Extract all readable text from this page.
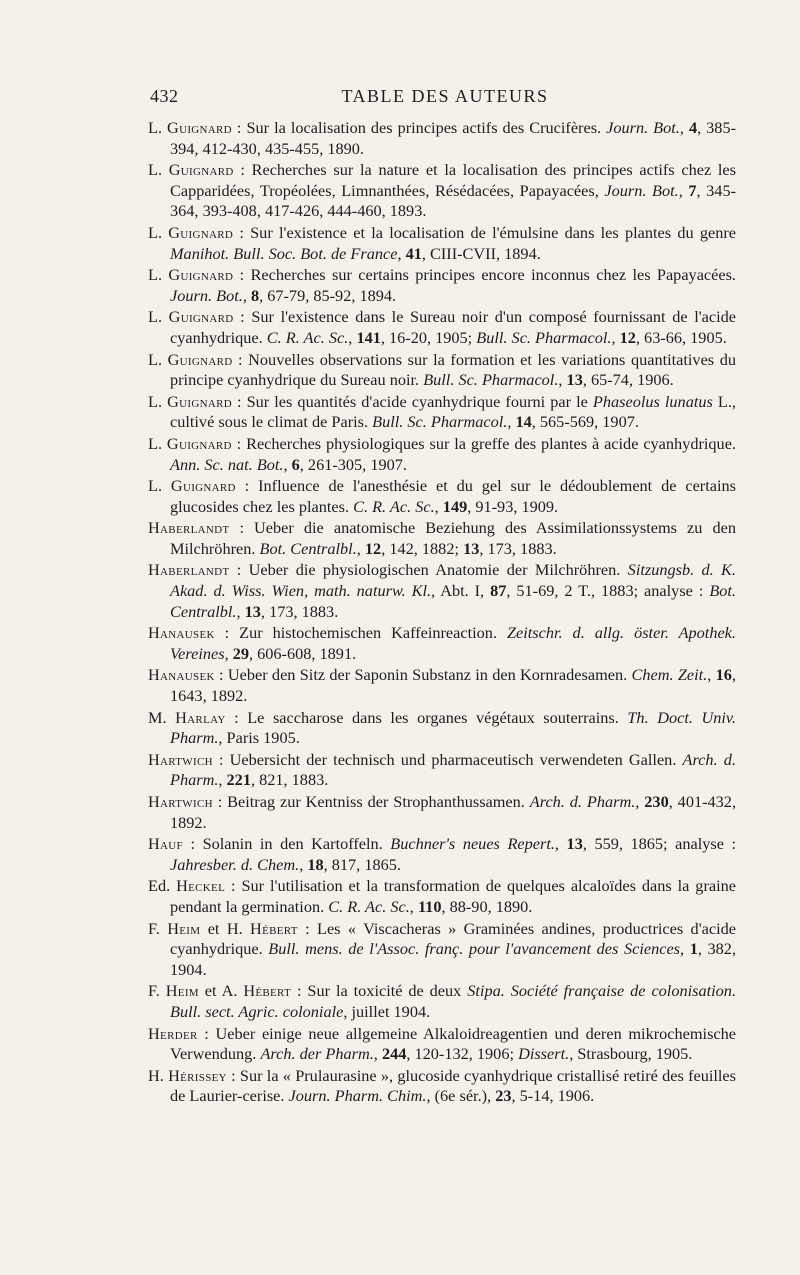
432	TABLE DES AUTEURS
L. Guignard : Sur la localisation des principes actifs des Crucifères. Journ. Bot., 4, 385-394, 412-430, 435-455, 1890.
L. Guignard : Recherches sur la nature et la localisation des principes actifs chez les Capparidées, Tropéolées, Limnanthées, Résédacées, Papayacées, Journ. Bot., 7, 345-364, 393-408, 417-426, 444-460, 1893.
L. Guignard : Sur l'existence et la localisation de l'émulsine dans les plantes du genre Manihot. Bull. Soc. Bot. de France, 41, CIII-CVII, 1894.
L. Guignard : Recherches sur certains principes encore inconnus chez les Papayacées. Journ. Bot., 8, 67-79, 85-92, 1894.
L. Guignard : Sur l'existence dans le Sureau noir d'un composé fournissant de l'acide cyanhydrique. C. R. Ac. Sc., 141, 16-20, 1905; Bull. Sc. Pharmacol., 12, 63-66, 1905.
L. Guignard : Nouvelles observations sur la formation et les variations quantitatives du principe cyanhydrique du Sureau noir. Bull. Sc. Pharmacol., 13, 65-74, 1906.
L. Guignard : Sur les quantités d'acide cyanhydrique fourni par le Phaseolus lunatus L., cultivé sous le climat de Paris. Bull. Sc. Pharmacol., 14, 565-569, 1907.
L. Guignard : Recherches physiologiques sur la greffe des plantes à acide cyanhydrique. Ann. Sc. nat. Bot., 6, 261-305, 1907.
L. Guignard : Influence de l'anesthésie et du gel sur le dédoublement de certains glucosides chez les plantes. C. R. Ac. Sc., 149, 91-93, 1909.
Haberlandt : Ueber die anatomische Beziehung des Assimilationssystems zu den Milchröhren. Bot. Centralbl., 12, 142, 1882; 13, 173, 1883.
Haberlandt : Ueber die physiologischen Anatomie der Milchröhren. Sitzungsb. d. K. Akad. d. Wiss. Wien, math. naturw. Kl., Abt. I, 87, 51-69, 2 T., 1883; analyse : Bot. Centralbl., 13, 173, 1883.
Hanausek : Zur histochemischen Kaffeinreaction. Zeitschr. d. allg. öster. Apothek. Vereines, 29, 606-608, 1891.
Hanausek : Ueber den Sitz der Saponin Substanz in den Kornradesamen. Chem. Zeit., 16, 1643, 1892.
M. Harlay : Le saccharose dans les organes végétaux souterrains. Th. Doct. Univ. Pharm., Paris 1905.
Hartwich : Uebersicht der technisch und pharmaceutisch verwendeten Gallen. Arch. d. Pharm., 221, 821, 1883.
Hartwich : Beitrag zur Kentniss der Strophanthussamen. Arch. d. Pharm., 230, 401-432, 1892.
Hauf : Solanin in den Kartoffeln. Buchner's neues Repert., 13, 559, 1865; analyse : Jahresber. d. Chem., 18, 817, 1865.
Ed. Heckel : Sur l'utilisation et la transformation de quelques alcaloïdes dans la graine pendant la germination. C. R. Ac. Sc., 110, 88-90, 1890.
F. Heim et H. Hébert : Les « Viscacheras » Graminées andines, productrices d'acide cyanhydrique. Bull. mens. de l'Assoc. franç. pour l'avancement des Sciences, 1, 382, 1904.
F. Heim et A. Hébert : Sur la toxicité de deux Stipa. Société française de colonisation. Bull. sect. Agric. coloniale, juillet 1904.
Herder : Ueber einige neue allgemeine Alkaloidreagentien und deren mikrochemische Verwendung. Arch. der Pharm., 244, 120-132, 1906; Dissert., Strasbourg, 1905.
H. Hérissey : Sur la « Prulaurasine », glucoside cyanhydrique cristallisé retiré des feuilles de Laurier-cerise. Journ. Pharm. Chim., (6e sér.), 23, 5-14, 1906.
